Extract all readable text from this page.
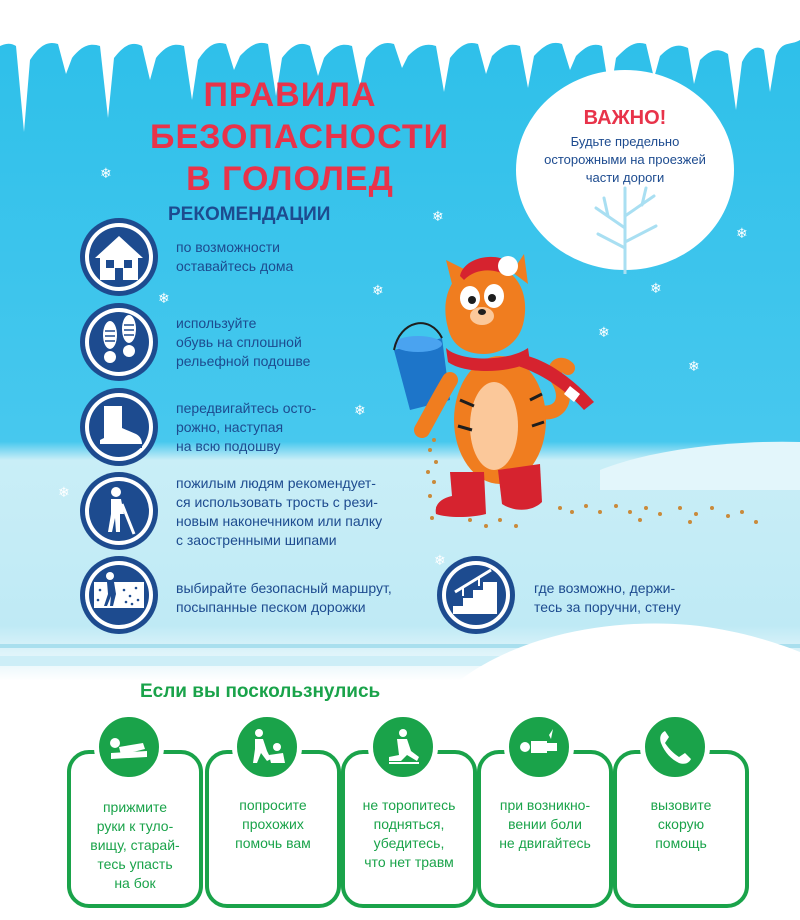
❄
❄
❄
❄
❄
❄
❄
❄
❄
❄
❄
ПРАВИЛА
БЕЗОПАСНОСТИ
В ГОЛОЛЕД
РЕКОМЕНДАЦИИ
ВАЖНО!
Будьте предельно
осторожными на проезжей
части дороги
по возможности
оставайтесь дома
используйте
обувь на сплошной
рельефной подошве
передвигайтесь осто-
рожно, наступая
на всю подошву
пожилым людям рекомендует-
ся использовать трость с рези-
новым наконечником или палку
с заостренными шипами
выбирайте безопасный маршрут,
посыпанные песком дорожки
где возможно, держи-
тесь за поручни, стену
Если вы поскользнулись
прижмите
руки к туло-
вищу, старай-
тесь упасть
на бок
попросите
прохожих
помочь вам
не торопитесь
подняться,
убедитесь,
что нет травм
при возникно-
вении боли
не двигайтесь
вызовите
скорую
помощь
